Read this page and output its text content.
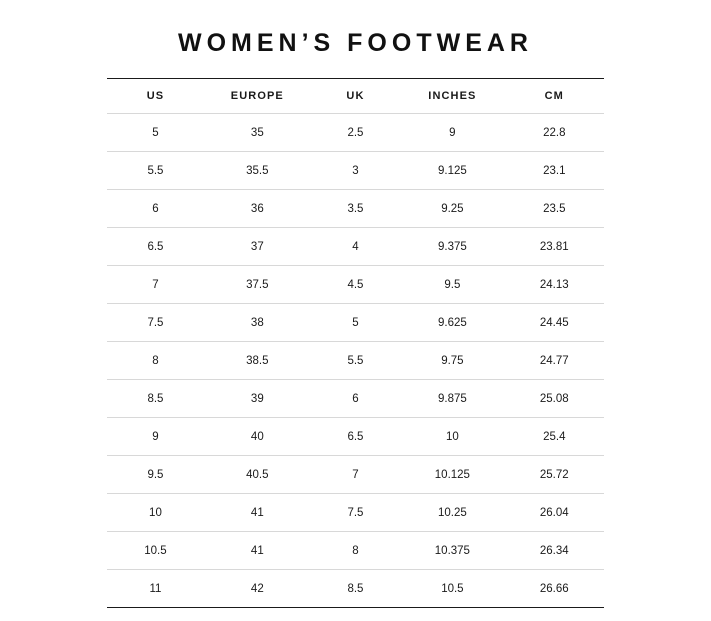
WOMEN’S FOOTWEAR
US	EUROPE	UK	INCHES	CM
5	35	2.5	9	22.8
5.5	35.5	3	9.125	23.1
6	36	3.5	9.25	23.5
6.5	37	4	9.375	23.81
7	37.5	4.5	9.5	24.13
7.5	38	5	9.625	24.45
8	38.5	5.5	9.75	24.77
8.5	39	6	9.875	25.08
9	40	6.5	10	25.4
9.5	40.5	7	10.125	25.72
10	41	7.5	10.25	26.04
10.5	41	8	10.375	26.34
11	42	8.5	10.5	26.66
